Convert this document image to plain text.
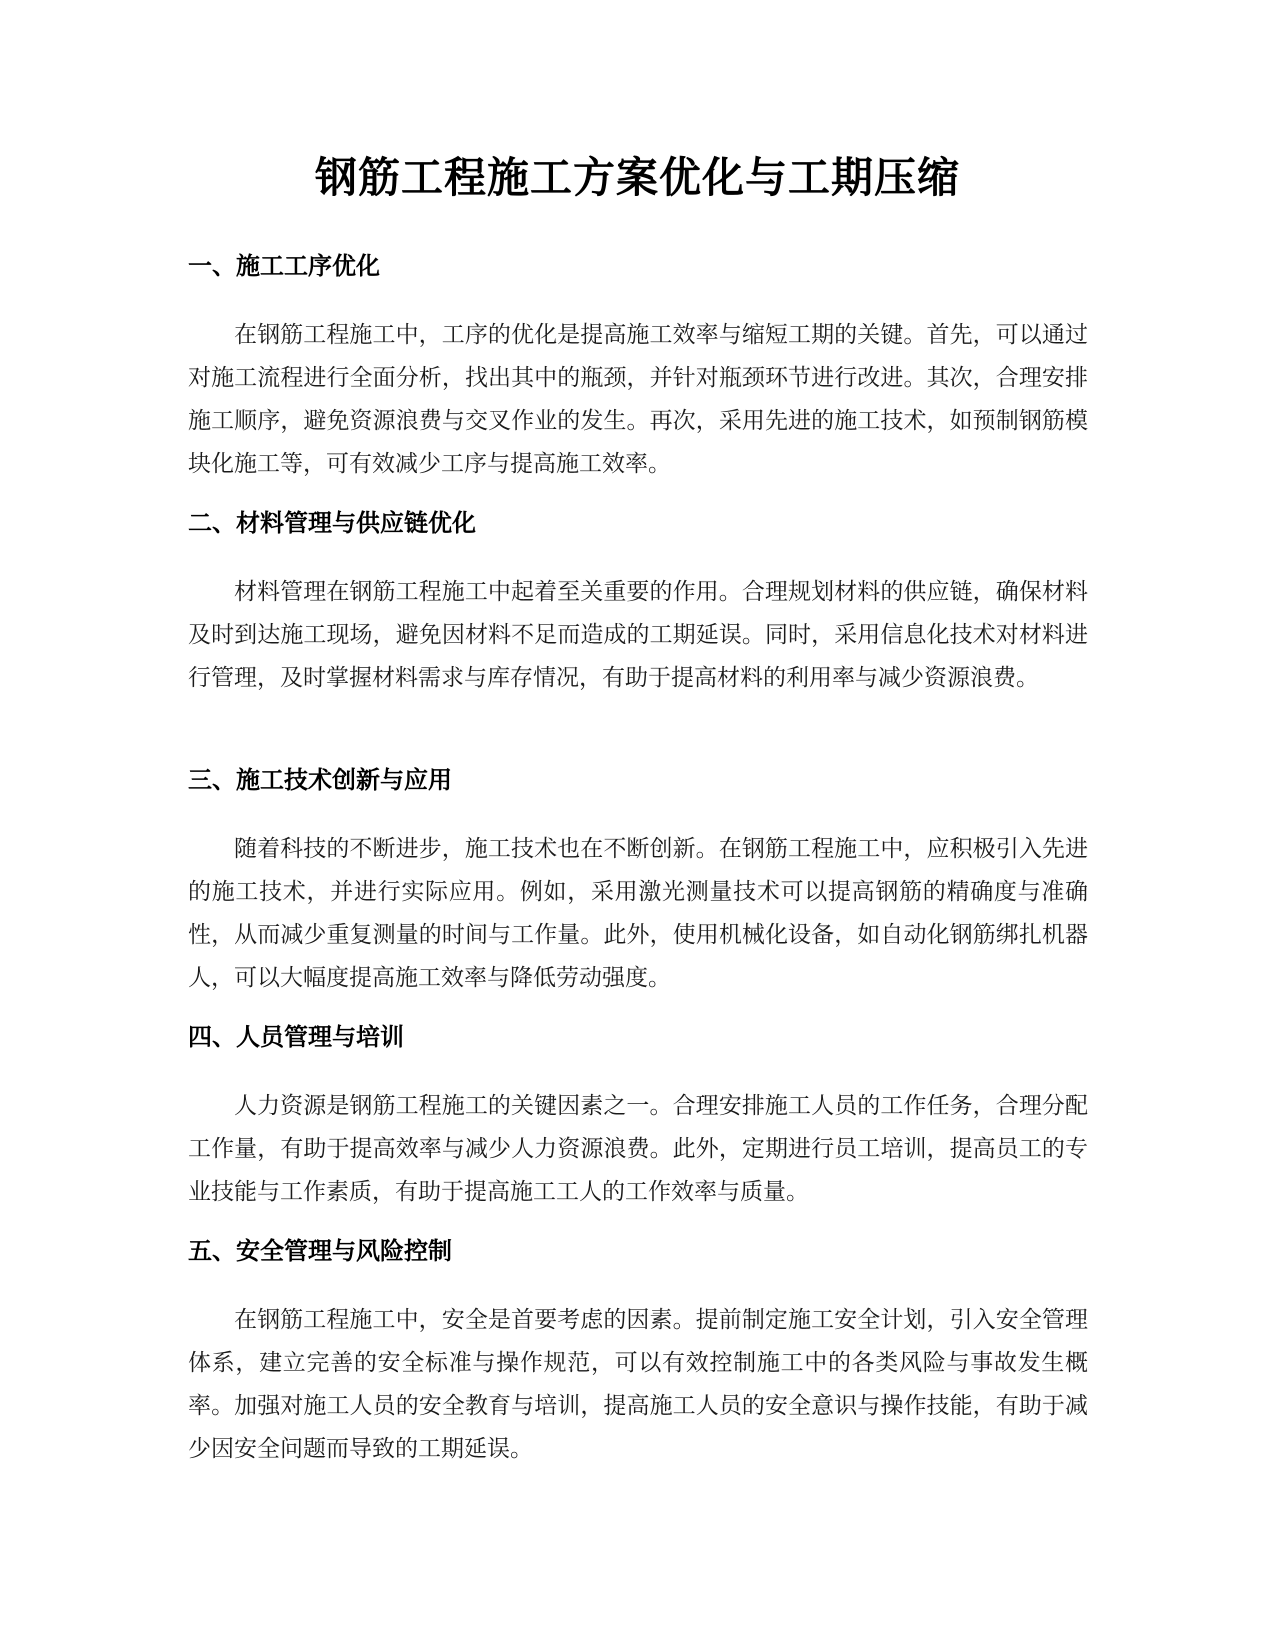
钢筋工程施工方案优化与工期压缩
一、施工工序优化

在钢筋工程施工中，工序的优化是提高施工效率与缩短工期的关键。首先，可以通过对施工流程进行全面分析，找出其中的瓶颈，并针对瓶颈环节进行改进。其次，合理安排施工顺序，避免资源浪费与交叉作业的发生。再次，采用先进的施工技术，如预制钢筋模块化施工等，可有效减少工序与提高施工效率。

二、材料管理与供应链优化

材料管理在钢筋工程施工中起着至关重要的作用。合理规划材料的供应链，确保材料及时到达施工现场，避免因材料不足而造成的工期延误。同时，采用信息化技术对材料进行管理，及时掌握材料需求与库存情况，有助于提高材料的利用率与减少资源浪费。

三、施工技术创新与应用

随着科技的不断进步，施工技术也在不断创新。在钢筋工程施工中，应积极引入先进的施工技术，并进行实际应用。例如，采用激光测量技术可以提高钢筋的精确度与准确性，从而减少重复测量的时间与工作量。此外，使用机械化设备，如自动化钢筋绑扎机器人，可以大幅度提高施工效率与降低劳动强度。

四、人员管理与培训

人力资源是钢筋工程施工的关键因素之一。合理安排施工人员的工作任务，合理分配工作量，有助于提高效率与减少人力资源浪费。此外，定期进行员工培训，提高员工的专业技能与工作素质，有助于提高施工工人的工作效率与质量。

五、安全管理与风险控制

在钢筋工程施工中，安全是首要考虑的因素。提前制定施工安全计划，引入安全管理体系，建立完善的安全标准与操作规范，可以有效控制施工中的各类风险与事故发生概率。加强对施工人员的安全教育与培训，提高施工人员的安全意识与操作技能，有助于减少因安全问题而导致的工期延误。
